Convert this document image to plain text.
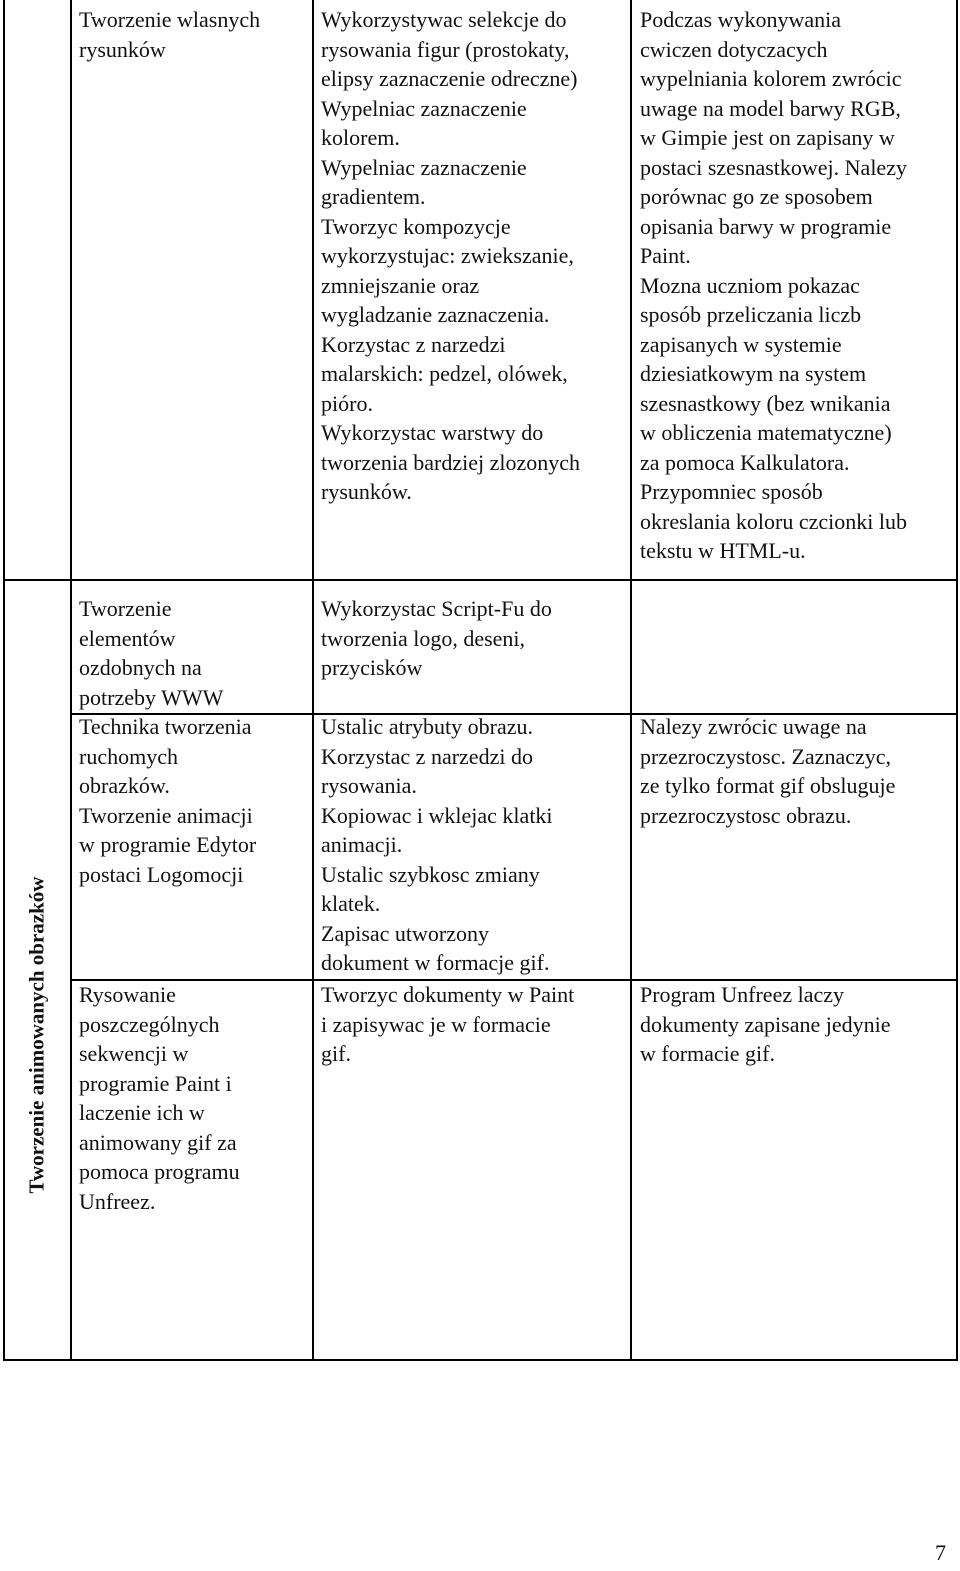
Tworzenie animowanych obrazków
Tworzenie wlasnych
rysunków
Wykorzystywac selekcje do
rysowania figur (prostokaty,
elipsy zaznaczenie odreczne)
Wypelniac zaznaczenie
kolorem.
Wypelniac zaznaczenie
gradientem.
Tworzyc kompozycje
wykorzystujac: zwiekszanie,
zmniejszanie oraz
wygladzanie zaznaczenia.
Korzystac z narzedzi
malarskich: pedzel, olówek,
pióro.
Wykorzystac warstwy do
tworzenia bardziej zlozonych
rysunków.
Podczas wykonywania
cwiczen dotyczacych
wypelniania kolorem zwrócic
uwage na model barwy RGB,
w Gimpie jest on zapisany w
postaci szesnastkowej. Nalezy
porównac go ze sposobem
opisania barwy w programie
Paint.
Mozna uczniom pokazac
sposób przeliczania liczb
zapisanych w systemie
dziesiatkowym na system
szesnastkowy (bez wnikania
w obliczenia matematyczne)
za pomoca Kalkulatora.
Przypomniec sposób
okreslania koloru czcionki lub
tekstu w HTML-u.
Tworzenie
elementów
ozdobnych na
potrzeby WWW
Wykorzystac Script-Fu do
tworzenia logo, deseni,
przycisków
Technika tworzenia
ruchomych
obrazków.
Tworzenie animacji
w programie Edytor
postaci Logomocji
Ustalic atrybuty obrazu.
Korzystac z narzedzi do
rysowania.
Kopiowac i wklejac klatki
animacji.
Ustalic szybkosc zmiany
klatek.
Zapisac utworzony
dokument w formacje gif.
Nalezy zwrócic uwage na
przezroczystosc. Zaznaczyc,
ze tylko format gif obsluguje
przezroczystosc obrazu.
Rysowanie
poszczególnych
sekwencji w
programie Paint i
laczenie ich w
animowany gif za
pomoca programu
Unfreez.
Tworzyc dokumenty w Paint
i zapisywac je w formacie
gif.
Program Unfreez laczy
dokumenty zapisane jedynie
w formacie gif.
7
